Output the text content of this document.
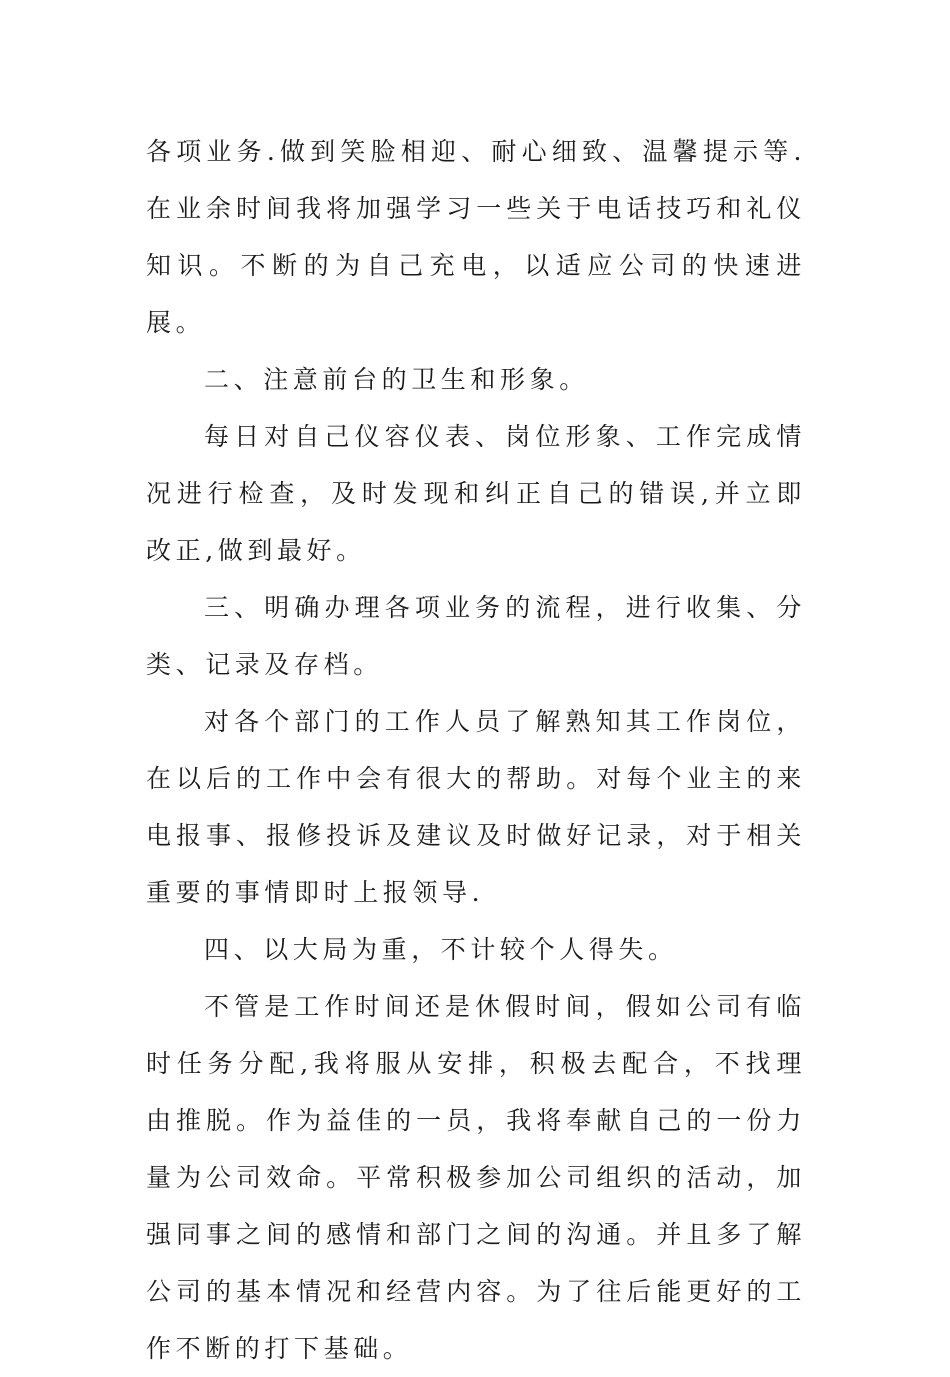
各项业务.做到笑脸相迎、耐心细致、温馨提示等.在业余时间我将加强学习一些关于电话技巧和礼仪知识。不断的为自己充电，以适应公司的快速进展。

二、注意前台的卫生和形象。

每日对自己仪容仪表、岗位形象、工作完成情况进行检查，及时发现和纠正自己的错误,并立即改正,做到最好。

三、明确办理各项业务的流程，进行收集、分类、记录及存档。

对各个部门的工作人员了解熟知其工作岗位，在以后的工作中会有很大的帮助。对每个业主的来电报事、报修投诉及建议及时做好记录，对于相关重要的事情即时上报领导.

四、以大局为重，不计较个人得失。

不管是工作时间还是休假时间，假如公司有临时任务分配,我将服从安排，积极去配合，不找理由推脱。作为益佳的一员，我将奉献自己的一份力量为公司效命。平常积极参加公司组织的活动，加强同事之间的感情和部门之间的沟通。并且多了解公司的基本情况和经营内容。为了往后能更好的工作不断的打下基础。
